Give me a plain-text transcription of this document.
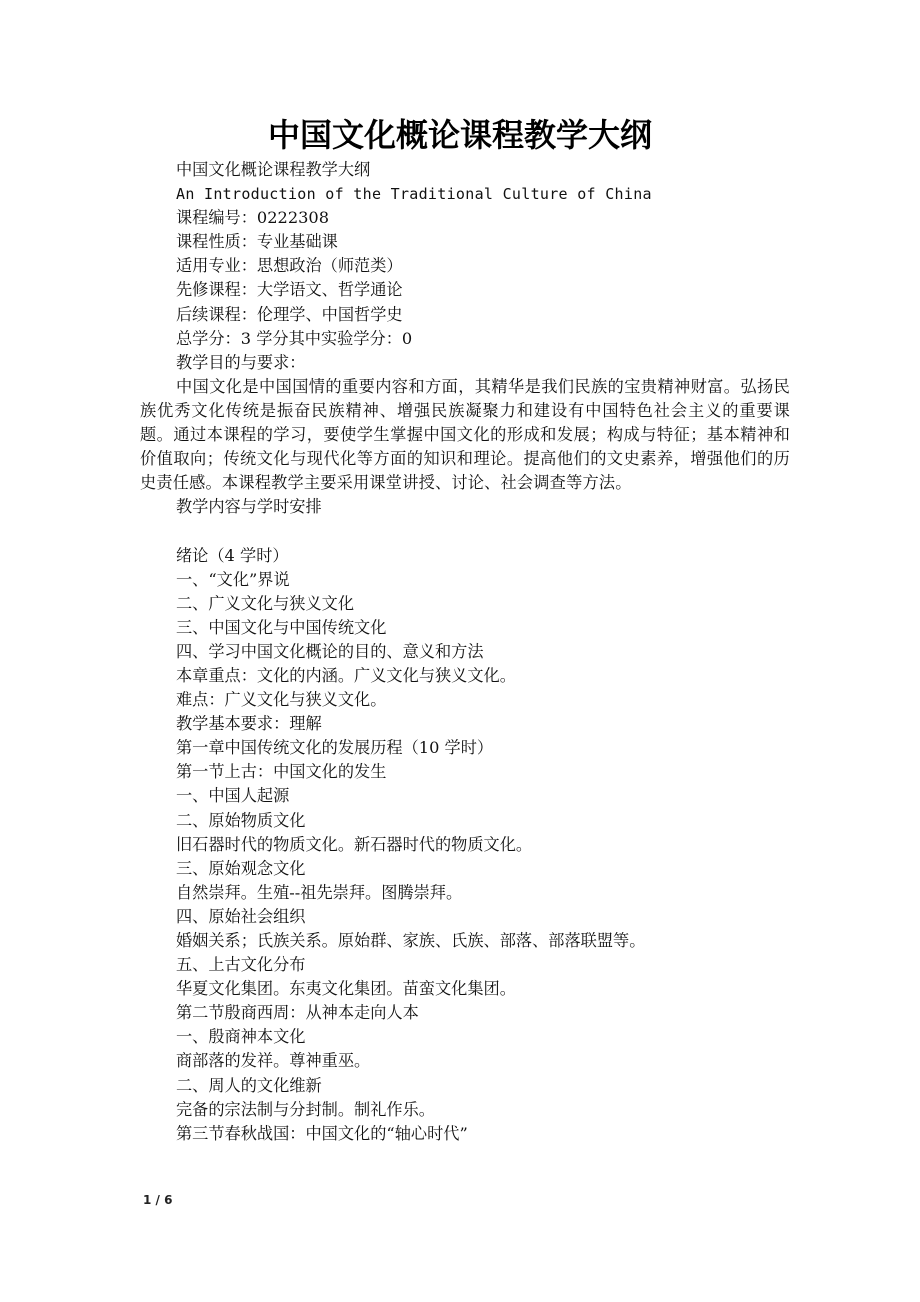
中国文化概论课程教学大纲
中国文化概论课程教学大纲
An Introduction of the Traditional Culture of China
课程编号：0222308
课程性质：专业基础课
适用专业：思想政治（师范类）
先修课程：大学语文、哲学通论
后续课程：伦理学、中国哲学史
总学分：3 学分其中实验学分：0
教学目的与要求：
中国文化是中国国情的重要内容和方面，其精华是我们民族的宝贵精神财富。弘扬民族优秀文化传统是振奋民族精神、增强民族凝聚力和建设有中国特色社会主义的重要课题。通过本课程的学习，要使学生掌握中国文化的形成和发展；构成与特征；基本精神和价值取向；传统文化与现代化等方面的知识和理论。提高他们的文史素养，增强他们的历史责任感。本课程教学主要采用课堂讲授、讨论、社会调查等方法。
教学内容与学时安排
绪论（4 学时）
一、“文化”界说
二、广义文化与狭义文化
三、中国文化与中国传统文化
四、学习中国文化概论的目的、意义和方法
本章重点：文化的内涵。广义文化与狭义文化。
难点：广义文化与狭义文化。
教学基本要求：理解
第一章中国传统文化的发展历程（10 学时）
第一节上古：中国文化的发生
一、中国人起源
二、原始物质文化
旧石器时代的物质文化。新石器时代的物质文化。
三、原始观念文化
自然崇拜。生殖--祖先崇拜。图腾崇拜。
四、原始社会组织
婚姻关系；氏族关系。原始群、家族、氏族、部落、部落联盟等。
五、上古文化分布
华夏文化集团。东夷文化集团。苗蛮文化集团。
第二节殷商西周：从神本走向人本
一、殷商神本文化
商部落的发祥。尊神重巫。
二、周人的文化维新
完备的宗法制与分封制。制礼作乐。
第三节春秋战国：中国文化的“轴心时代”
1 / 6
